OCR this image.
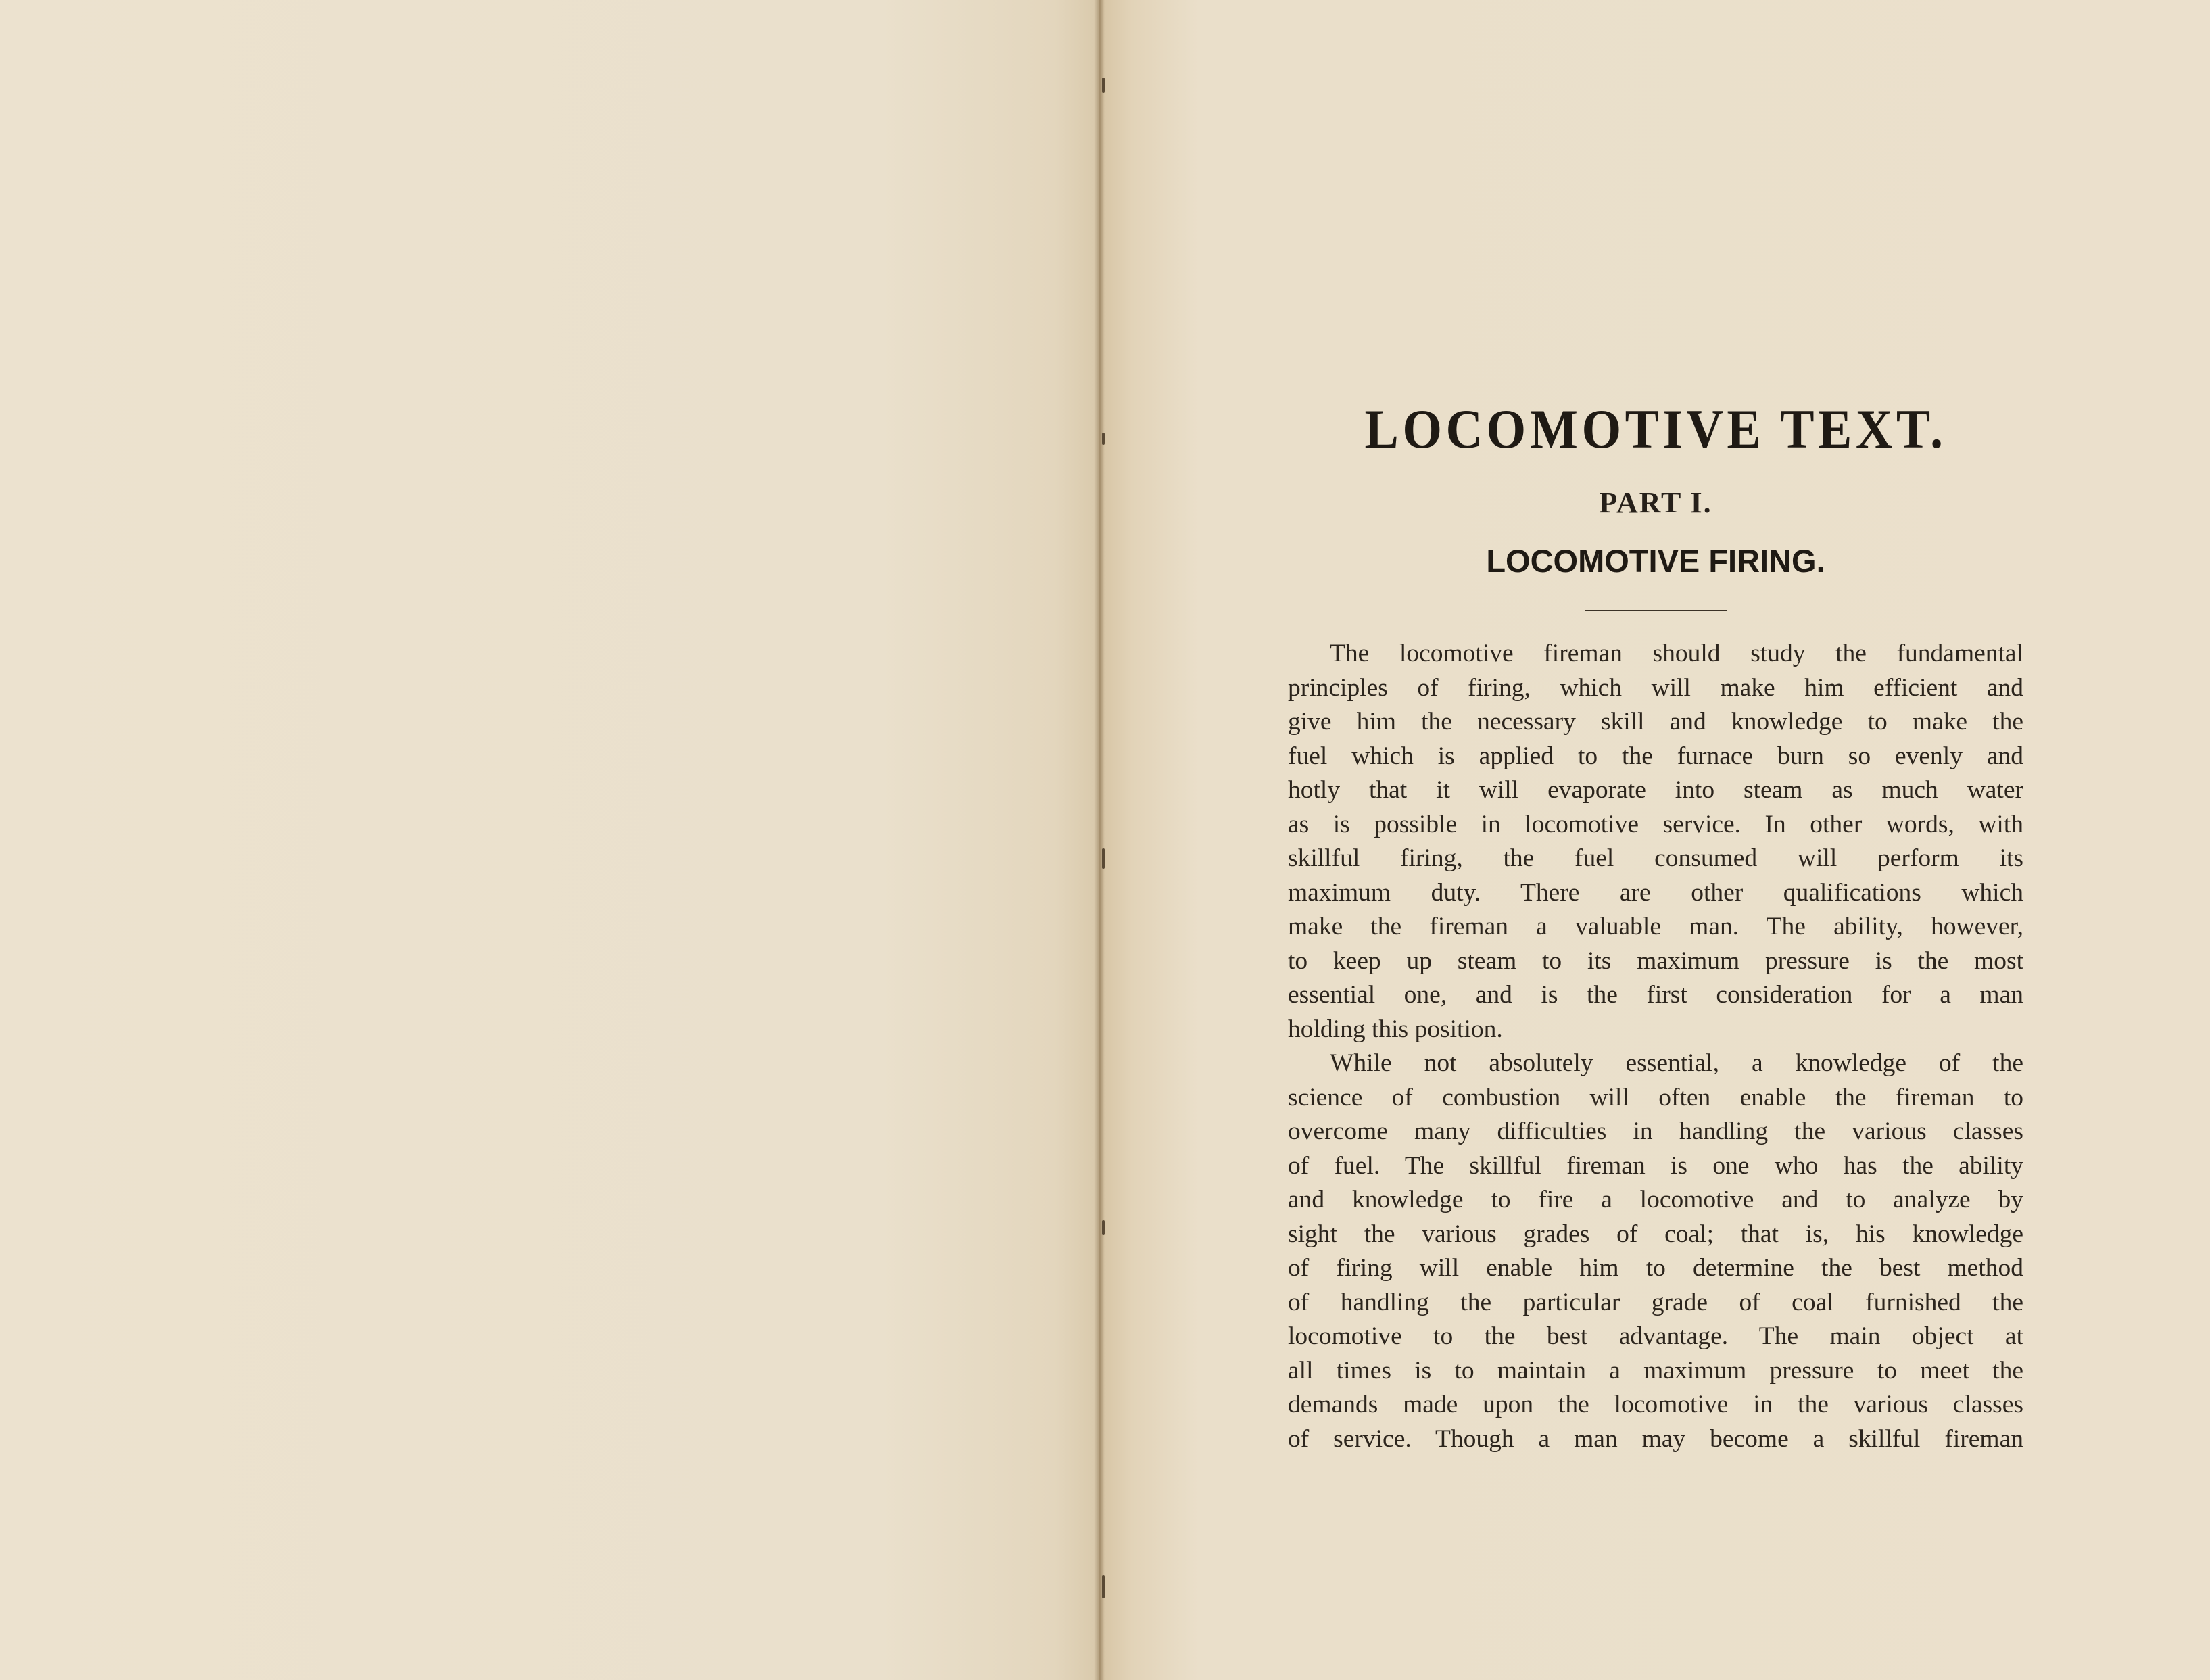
LOCOMOTIVE TEXT.
PART I.
LOCOMOTIVE FIRING.
The locomotive fireman should study the fundamental
principles of firing, which will make him efficient and
give him the necessary skill and knowledge to make the
fuel which is applied to the furnace burn so evenly and
hotly that it will evaporate into steam as much water
as is possible in locomotive service. In other words, with
skillful firing, the fuel consumed will perform its
maximum duty. There are other qualifications which
make the fireman a valuable man. The ability, however,
to keep up steam to its maximum pressure is the most
essential one, and is the first consideration for a man
holding this position.
While not absolutely essential, a knowledge of the
science of combustion will often enable the fireman to
overcome many difficulties in handling the various classes
of fuel. The skillful fireman is one who has the ability
and knowledge to fire a locomotive and to analyze by
sight the various grades of coal; that is, his knowledge
of firing will enable him to determine the best method
of handling the particular grade of coal furnished the
locomotive to the best advantage. The main object at
all times is to maintain a maximum pressure to meet the
demands made upon the locomotive in the various classes
of service. Though a man may become a skillful fireman
